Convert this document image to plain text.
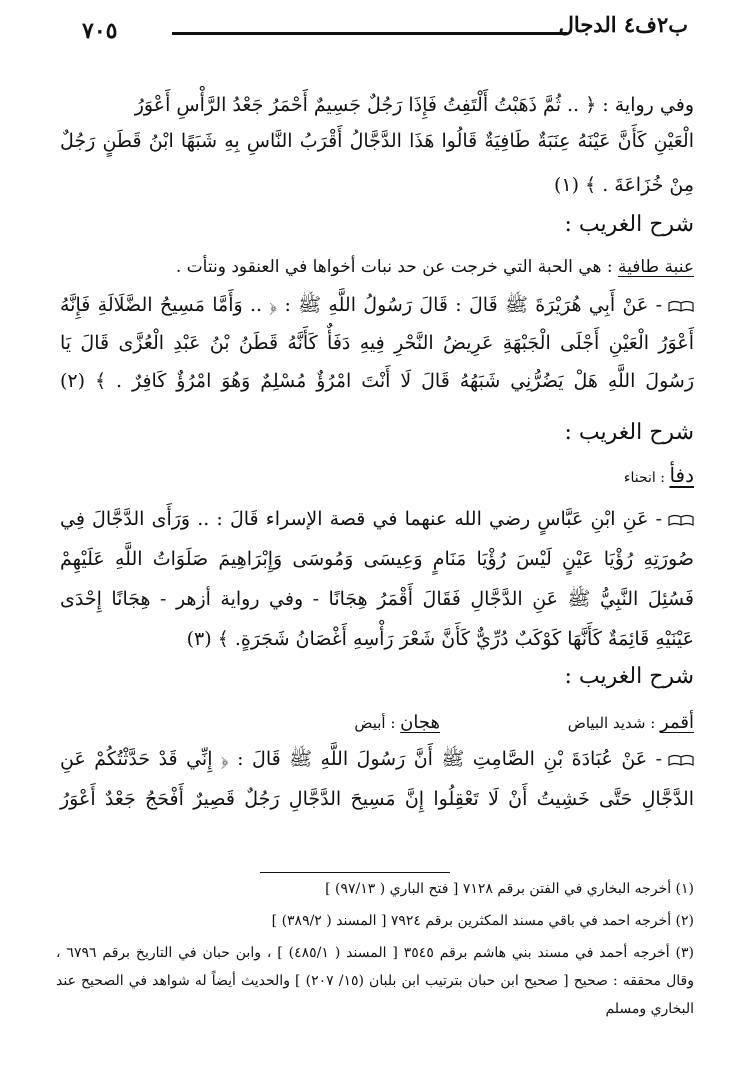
ب٢ف٤ الدجال
٧٠٥
وفي رواية : ﴿ .. ثُمَّ ذَهَبْتُ أَلْتَفِتُ فَإِذَا رَجُلٌ جَسِيمٌ أَحْمَرُ جَعْدُ الرَّأْسِ أَعْوَرُ
الْعَيْنِ كَأَنَّ عَيْنَهُ عِنَبَةٌ طَافِيَةٌ قَالُوا هَذَا الدَّجَّالُ أَقْرَبُ النَّاسِ بِهِ شَبَهًا ابْنُ قَطَنٍ رَجُلٌ
مِنْ خُزَاعَةَ . ﴾ (١)
شرح الغريب :
عنبة طافية : هي الحبة التي خرجت عن حد نبات أخواها في العنقود ونتأت .
- عَنْ أَبِي هُرَيْرَةَ ﷺ قَالَ : قَالَ رَسُولُ اللَّهِ ﷺ : ﴿ .. وَأَمَّا مَسِيحُ الضَّلَالَةِ فَإِنَّهُ
أَعْوَرُ الْعَيْنِ أَجْلَى الْجَبْهَةِ عَرِيضُ النَّحْرِ فِيهِ دَفَأٌ كَأَنَّهُ قَطَنُ بْنُ عَبْدِ الْعُزَّى قَالَ يَا
رَسُولَ اللَّهِ هَلْ يَضُرُّنِي شَبَهُهُ قَالَ لَا أَنْتَ امْرُؤٌ مُسْلِمٌ وَهُوَ امْرُؤٌ كَافِرٌ . ﴾ (٢)
شرح الغريب :
دفأ : انحناء
- عَنِ ابْنِ عَبَّاسٍ رضي الله عنهما في قصة الإسراء قَالَ : .. وَرَأَى الدَّجَّالَ فِي
صُورَتِهِ رُؤْيَا عَيْنٍ لَيْسَ رُؤْيَا مَنَامٍ وَعِيسَى وَمُوسَى وَإِبْرَاهِيمَ صَلَوَاتُ اللَّهِ عَلَيْهِمْ
فَسُئِلَ النَّبِيُّ ﷺ عَنِ الدَّجَّالِ فَقَالَ أَقْمَرُ هِجَانًا - وفي رواية أزهر - هِجَانًا إِحْدَى
عَيْنَيْهِ قَائِمَةٌ كَأَنَّهَا كَوْكَبٌ دُرِّيٌّ كَأَنَّ شَعْرَ رَأْسِهِ أَغْصَانُ شَجَرَةٍ. ﴾ (٣)
شرح الغريب :
أقمر : شديد البياض
هجان : أبيض
- عَنْ عُبَادَةَ بْنِ الصَّامِتِ ﷺ أَنَّ رَسُولَ اللَّهِ ﷺ قَالَ : ﴿ إِنِّي قَدْ حَدَّثْتُكُمْ عَنِ
الدَّجَّالِ حَتَّى خَشِيتُ أَنْ لَا تَعْقِلُوا إِنَّ مَسِيحَ الدَّجَّالِ رَجُلٌ قَصِيرٌ أَفْحَجُ جَعْدٌ أَعْوَرُ
(١) أخرجه البخاري في الفتن برقم ٧١٢٨ [ فتح الباري ( ٩٧/١٣) ]
(٢) أخرجه احمد في باقي مسند المكثرين برقم ٧٩٢٤ [ المسند ( ٣٨٩/٢) ]
(٣) أخرجه أحمد في مسند بني هاشم برقم ٣٥٤٥ [ المسند ( ٤٨٥/١) ] ، وابن حبان في التاريخ برقم ٦٧٩٦ ،
وقال محققه : صحيح [ صحيح ابن حبان بترتيب ابن بلبان (١٥/ ٢٠٧) ] والحديث أيضاً له شواهد في الصحيح عند
البخاري ومسلم
